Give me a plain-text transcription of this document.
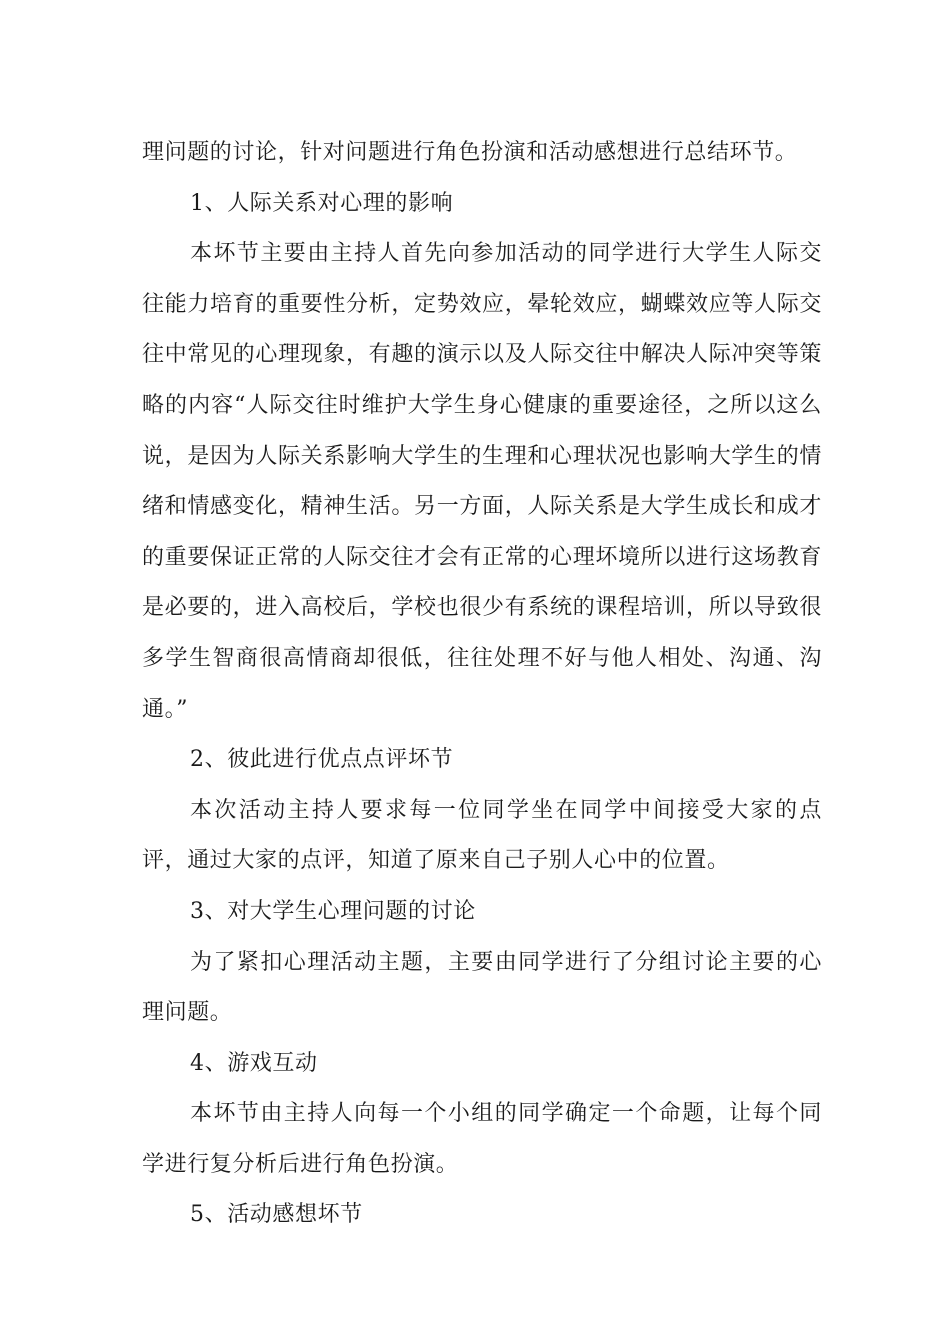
理问题的讨论，针对问题进行角色扮演和活动感想进行总结环节。

1、人际关系对心理的影响

本坏节主要由主持人首先向参加活动的同学进行大学生人际交往能力培育的重要性分析，定势效应，晕轮效应，蝴蝶效应等人际交往中常见的心理现象，有趣的演示以及人际交往中解决人际冲突等策略的内容“人际交往时维护大学生身心健康的重要途径，之所以这么说，是因为人际关系影响大学生的生理和心理状况也影响大学生的情绪和情感变化，精神生活。另一方面，人际关系是大学生成长和成才的重要保证正常的人际交往才会有正常的心理坏境所以进行这场教育是必要的，进入高校后，学校也很少有系统的课程培训，所以导致很多学生智商很高情商却很低，往往处理不好与他人相处、沟通、沟通。”

2、彼此进行优点点评坏节

本次活动主持人要求每一位同学坐在同学中间接受大家的点评，通过大家的点评，知道了原来自己子别人心中的位置。

3、对大学生心理问题的讨论

为了紧扣心理活动主题，主要由同学进行了分组讨论主要的心理问题。

4、游戏互动

本坏节由主持人向每一个小组的同学确定一个命题，让每个同学进行复分析后进行角色扮演。

5、活动感想坏节
